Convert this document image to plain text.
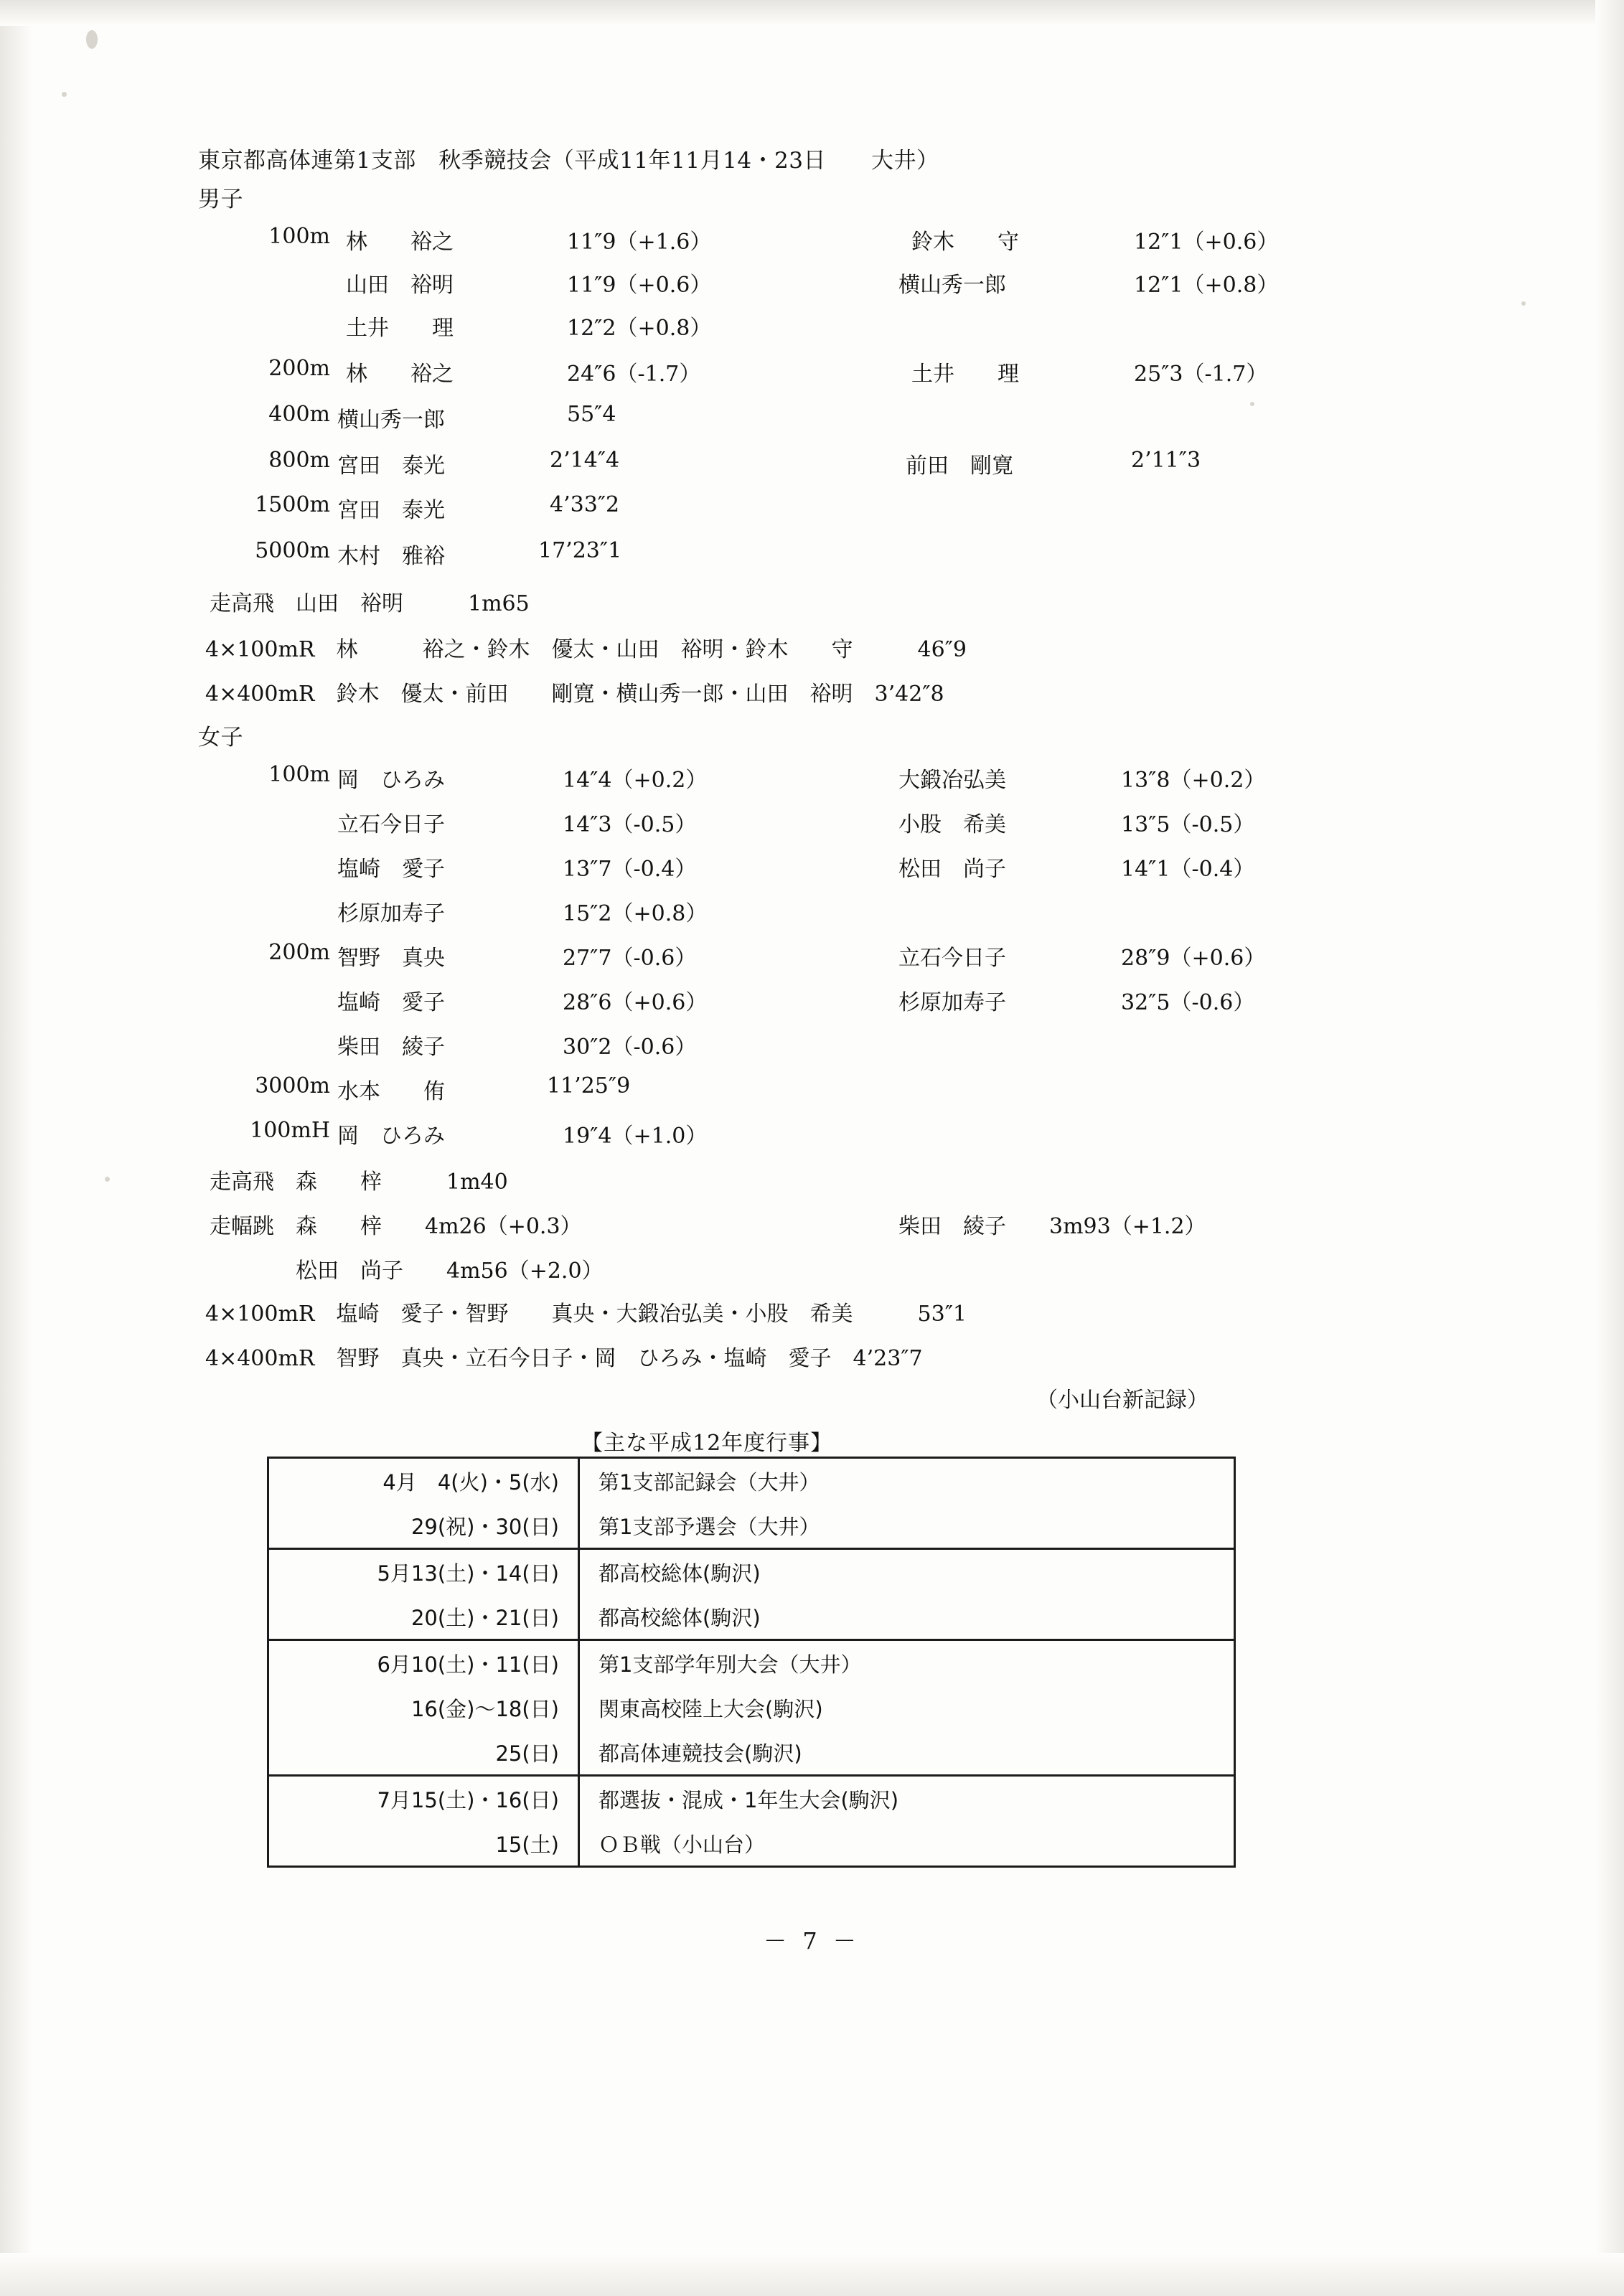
東京都高体連第1支部　秋季競技会（平成11年11月14・23日　　大井）
男子
100m 林　　裕之	11″9（+1.6）	鈴木　　守	12″1（+0.6）
山田　裕明	11″9（+0.6）	横山秀一郎	12″1（+0.8）
土井　　理	12″2（+0.8）
200m 林　　裕之	24″6（-1.7）	土井　　理	25″3（-1.7）
400m 横山秀一郎	55″4
800m 宮田　泰光	2’14″4	前田　剛寛	2’11″3
1500m 宮田　泰光	4’33″2
5000m 木村　雅裕	17’23″1
走高飛　山田　裕明　　　1m65
4×100mR　林　　　裕之・鈴木　優太・山田　裕明・鈴木　　守　　　46″9
4×400mR　鈴木　優太・前田　　剛寛・横山秀一郎・山田　裕明　3’42″8
女子
100m 岡　ひろみ	14″4（+0.2）	大鍛冶弘美	13″8（+0.2）
立石今日子	14″3（-0.5）	小股　希美	13″5（-0.5）
塩崎　愛子	13″7（-0.4）	松田　尚子	14″1（-0.4）
杉原加寿子	15″2（+0.8）
200m 智野　真央	27″7（-0.6）	立石今日子	28″9（+0.6）
塩崎　愛子	28″6（+0.6）	杉原加寿子	32″5（-0.6）
柴田　綾子	30″2（-0.6）
3000m 水本　　侑	11’25″9
100mH 岡　ひろみ	19″4（+1.0）
走高飛　森　　梓　　　1m40
走幅跳　森　　梓　　4m26（+0.3）	柴田　綾子　　3m93（+1.2）
　　　　松田　尚子　　4m56（+2.0）
4×100mR　塩崎　愛子・智野　　真央・大鍛冶弘美・小股　希美　　　53″1
4×400mR　智野　真央・立石今日子・岡　ひろみ・塩崎　愛子　4’23″7
（小山台新記録）
【主な平成12年度行事】
4月　4(火)・5(水)	第1支部記録会（大井）
29(祝)・30(日)	第1支部予選会（大井）
5月13(土)・14(日)	都高校総体(駒沢)
20(土)・21(日)	都高校総体(駒沢)
6月10(土)・11(日)	第1支部学年別大会（大井）
16(金)〜18(日)	関東高校陸上大会(駒沢)
25(日)	都高体連競技会(駒沢)
7月15(土)・16(日)	都選抜・混成・1年生大会(駒沢)
15(土)	ＯＢ戦（小山台）
－ 7 －
